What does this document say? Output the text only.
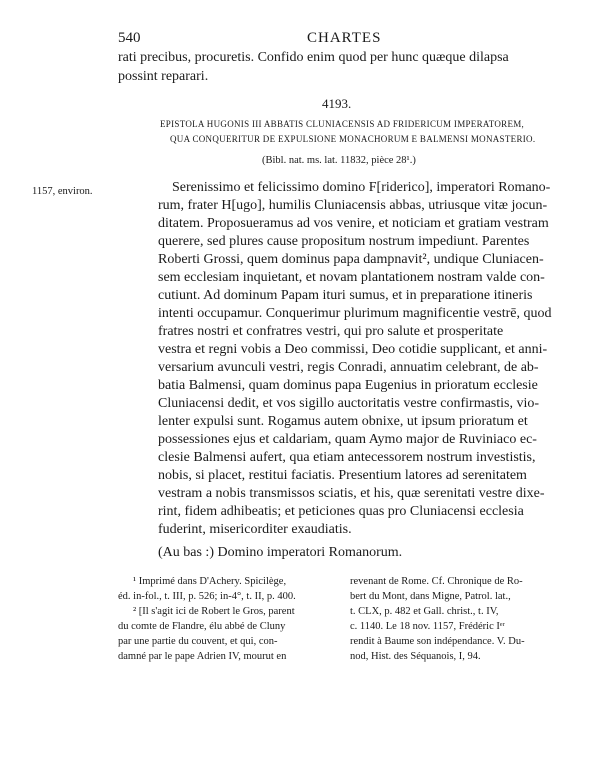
540	CHARTES
rati precibus, procuretis. Confido enim quod per hunc quæque dilapsa
possint reparari.
4193.
EPISTOLA HUGONIS III ABBATIS CLUNIACENSIS AD FRIDERICUM IMPERATOREM,
QUA CONQUERITUR DE EXPULSIONE MONACHORUM E BALMENSI MONASTERIO.
(Bibl. nat. ms. lat. 11832, pièce 28¹.)
1157, environ.	Serenissimo et felicissimo domino F[riderico], imperatori Romano-
rum, frater H[ugo], humilis Cluniacensis abbas, utriusque vitæ jocun-
ditatem. Proposueramus ad vos venire, et noticiam et gratiam vestram
querere, sed plures cause propositum nostrum impediunt. Parentes
Roberti Grossi, quem dominus papa dampnavit², undique Cluniacen-
sem ecclesiam inquietant, et novam plantationem nostram valde con-
cutiunt. Ad dominum Papam ituri sumus, et in preparatione itineris
intenti occupamur. Conquerimur plurimum magnificentie vestrē, quod
fratres nostri et confratres vestri, qui pro salute et prosperitate
vestra et regni vobis a Deo commissi, Deo cotidie supplicant, et anni-
versarium avunculi vestri, regis Conradi, annuatim celebrant, de ab-
batia Balmensi, quam dominus papa Eugenius in prioratum ecclesie
Cluniacensi dedit, et vos sigillo auctoritatis vestre confirmastis, vio-
lenter expulsi sunt. Rogamus autem obnixe, ut ipsum prioratum et
possessiones ejus et caldariam, quam Aymo major de Ruviniaco ec-
clesie Balmensi aufert, qua etiam antecessorem nostrum investistis,
nobis, si placet, restitui faciatis. Presentium latores ad serenitatem
vestram a nobis transmissos sciatis, et his, quæ serenitati vestre dixe-
rint, fidem adhibeatis; et peticiones quas pro Cluniacensi ecclesia
fuderint, misericorditer exaudiatis.
(Au bas :) Domino imperatori Romanorum.
¹ Imprimé dans D'Achery. Spicilège,
éd. in-fol., t. III, p. 526; in-4°, t. II, p. 400.
² [Il s'agit ici de Robert le Gros, parent
du comte de Flandre, élu abbé de Cluny
par une partie du couvent, et qui, con-
damné par le pape Adrien IV, mourut en
revenant de Rome. Cf. Chronique de Ro-
bert du Mont, dans Migne, Patrol. lat.,
t. CLX, p. 482 et Gall. christ., t. IV,
c. 1140. Le 18 nov. 1157, Frédéric Iᵉʳ
rendit à Baume son indépendance. V. Du-
nod, Hist. des Séquanois, I, 94.
